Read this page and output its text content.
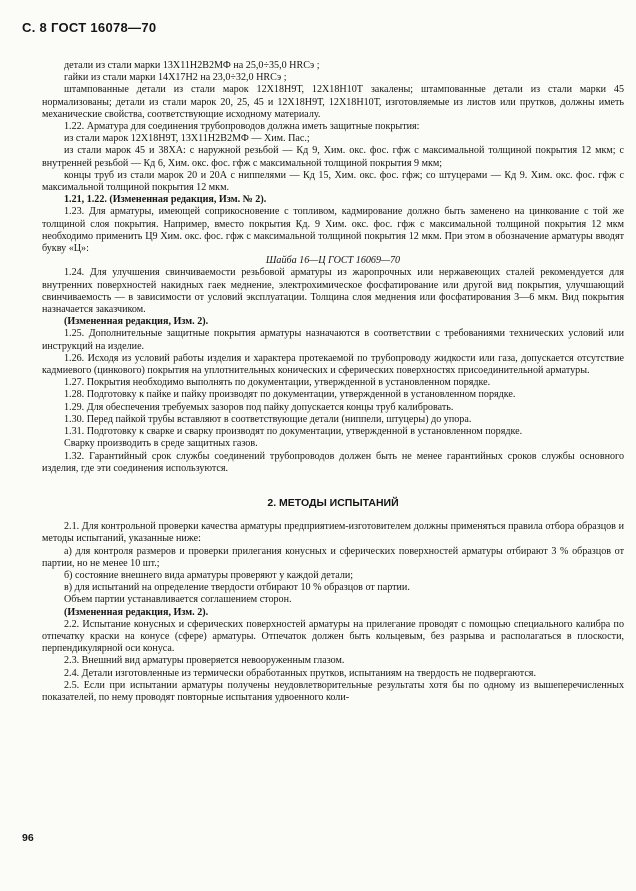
С. 8 ГОСТ 16078—70

детали из стали марки 13Х11Н2В2МФ на 25,0÷35,0 HRCэ ;

гайки из стали марки 14Х17Н2 на 23,0÷32,0 HRCэ ;

штампованные детали из стали марок 12Х18Н9Т, 12Х18Н10Т закалены; штампованные детали из стали марки 45 нормализованы; детали из стали марок 20, 25, 45 и 12Х18Н9Т, 12Х18Н10Т, изготовляемые из листов или прутков, должны иметь механические свойства, соответствующие исходному материалу.

1.22. Арматура для соединения трубопроводов должна иметь защитные покрытия:

из стали марок 12Х18Н9Т, 13Х11Н2В2МФ — Хим. Пас.;

из стали марок 45 и 38ХА: с наружной резьбой — Кд 9, Хим. окс. фос. гфж с максимальной толщиной покрытия 12 мкм; с внутренней резьбой — Кд 6, Хим. окс. фос. гфж с максимальной толщиной покрытия 9 мкм;

концы труб из стали марок 20 и 20А с ниппелями — Кд 15, Хим. окс. фос. гфж; со штуцерами — Кд 9. Хим. окс. фос. гфж с максимальной толщиной покрытия 12 мкм.

1.21, 1.22. (Измененная редакция, Изм. № 2).

1.23. Для арматуры, имеющей соприкосновение с топливом, кадмирование должно быть заменено на цинкование с той же толщиной слоя покрытия. Например, вместо покрытия Кд. 9 Хим. окс. фос. гфж с максимальной толщиной покрытия 12 мкм необходимо применить Ц9 Хим. окс. фос. гфж с максимальной толщиной покрытия 12 мкм. При этом в обозначение арматуры вводят букву «Ц»:

Шайба 16—Ц ГОСТ 16069—70

1.24. Для улучшения свинчиваемости резьбовой арматуры из жаропрочных или нержавеющих сталей рекомендуется для внутренних поверхностей накидных гаек меднение, электрохимическое фосфатирование или другой вид покрытия, улучшающий свинчиваемость — в зависимости от условий эксплуатации. Толщина слоя меднения или фосфатирования 3—6 мкм. Вид покрытия назначается заказчиком.

(Измененная редакция, Изм. 2).

1.25. Дополнительные защитные покрытия арматуры назначаются в соответствии с требованиями технических условий или инструкций на изделие.

1.26. Исходя из условий работы изделия и характера протекаемой по трубопроводу жидкости или газа, допускается отсутствие кадмиевого (цинкового) покрытия на уплотнительных конических и сферических поверхностях присоединительной арматуры.

1.27. Покрытия необходимо выполнять по документации, утвержденной в установленном порядке.

1.28. Подготовку к пайке и пайку производят по документации, утвержденной в установленном порядке.

1.29. Для обеспечения требуемых зазоров под пайку допускается концы труб калибровать.

1.30. Перед пайкой трубы вставляют в соответствующие детали (ниппели, штуцеры) до упора.

1.31. Подготовку к сварке и сварку производят по документации, утвержденной в установленном порядке.

Сварку производить в среде защитных газов.

1.32. Гарантийный срок службы соединений трубопроводов должен быть не менее гарантийных сроков службы основного изделия, где эти соединения используются.

2. МЕТОДЫ ИСПЫТАНИЙ

2.1. Для контрольной проверки качества арматуры предприятием-изготовителем должны применяться правила отбора образцов и методы испытаний, указанные ниже:

а) для контроля размеров и проверки прилегания конусных и сферических поверхностей арматуры отбирают 3 % образцов от партии, но не менее 10 шт.;

б) состояние внешнего вида арматуры проверяют у каждой детали;

в) для испытаний на определение твердости отбирают 10 % образцов от партии.

Объем партии устанавливается соглашением сторон.

(Измененная редакция, Изм. 2).

2.2. Испытание конусных и сферических поверхностей арматуры на прилегание проводят с помощью специального калибра по отпечатку краски на конусе (сфере) арматуры. Отпечаток должен быть кольцевым, без разрыва и располагаться в плоскости, перпендикулярной оси конуса.

2.3. Внешний вид арматуры проверяется невооруженным глазом.

2.4. Детали изготовленные из термически обработанных прутков, испытаниям на твердость не подвергаются.

2.5. Если при испытании арматуры получены неудовлетворительные результаты хотя бы по одному из вышеперечисленных показателей, по нему проводят повторные испытания удвоенного коли-

96
